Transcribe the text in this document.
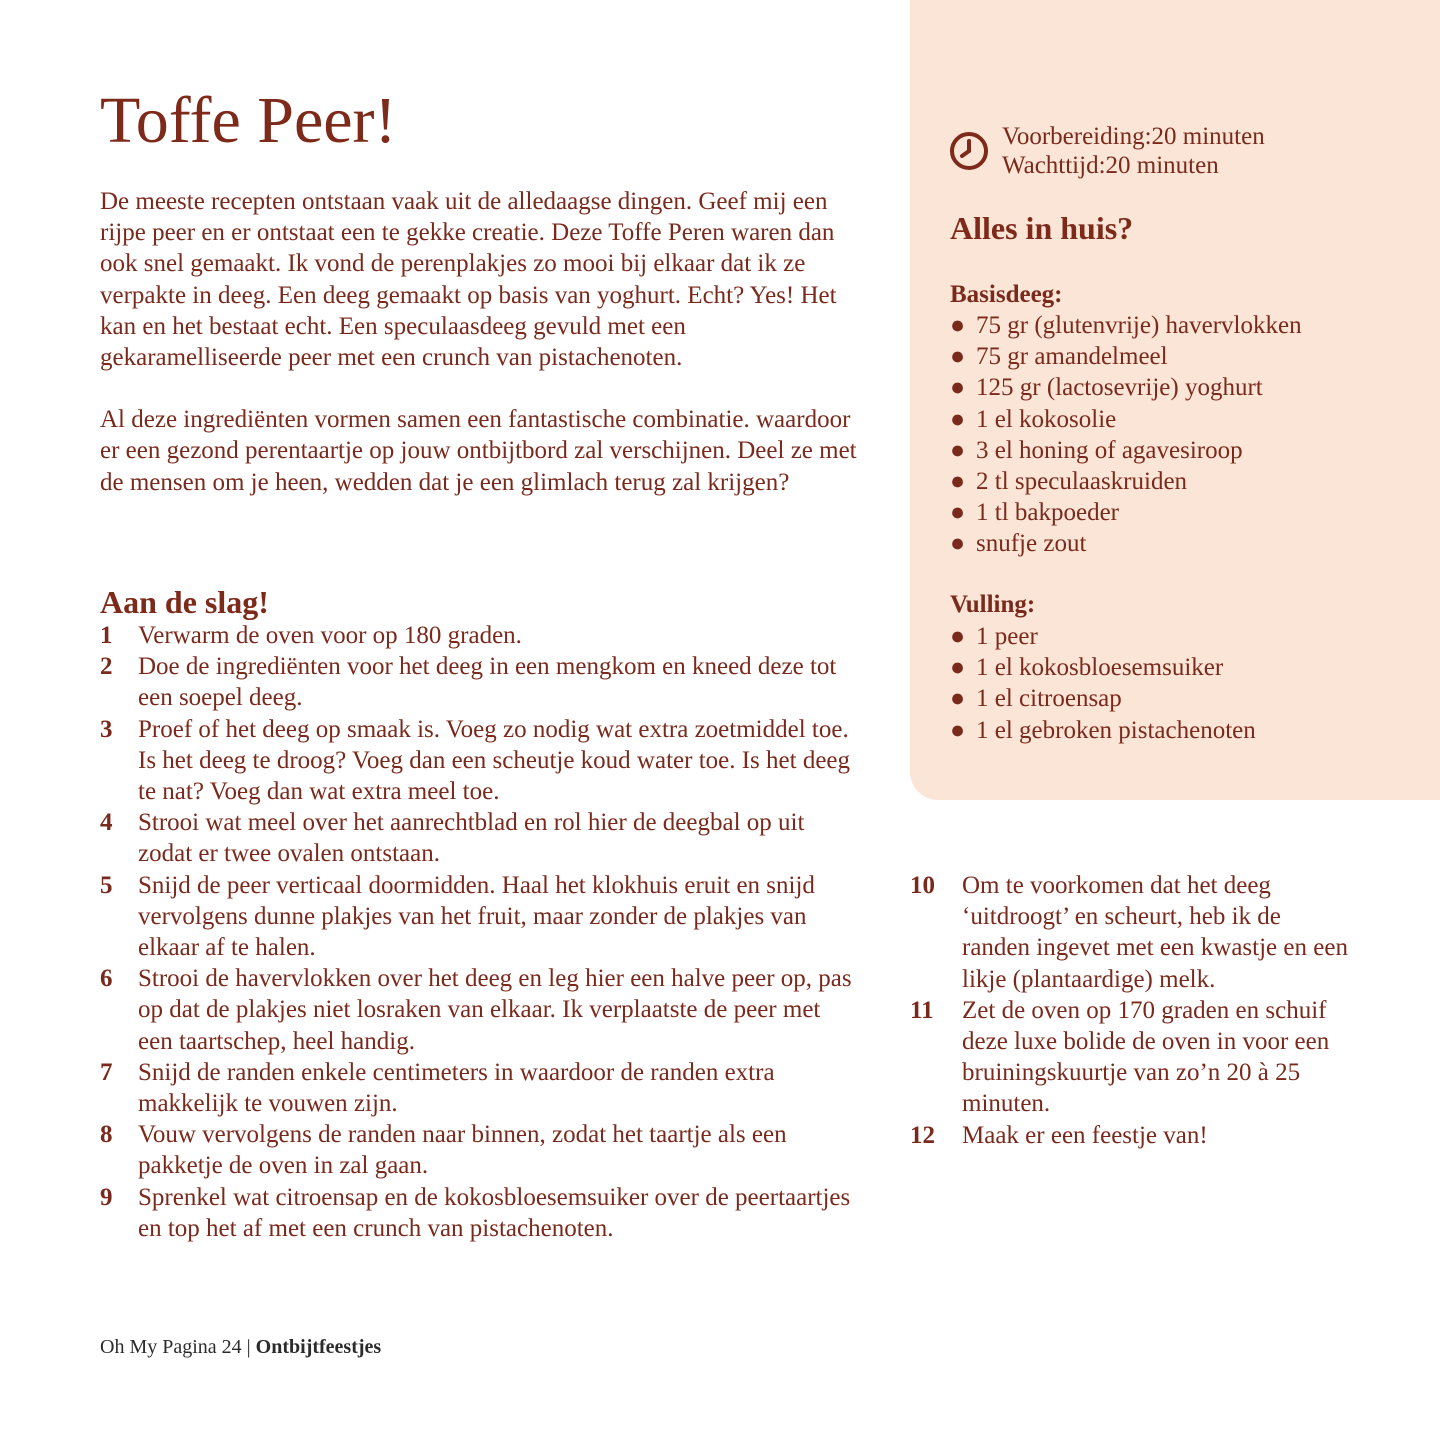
Toffe Peer!

De meeste recepten ontstaan vaak uit de alledaagse dingen. Geef mij een rijpe peer en er ontstaat een te gekke creatie. Deze Toffe Peren waren dan ook snel gemaakt. Ik vond de perenplakjes zo mooi bij elkaar dat ik ze verpakte in deeg. Een deeg gemaakt op basis van yoghurt. Echt? Yes! Het kan en het bestaat echt. Een speculaasdeeg gevuld met een gekaramelliseerde peer met een crunch van pistachenoten.

Al deze ingrediënten vormen samen een fantastische combinatie. waardoor er een gezond perentaartje op jouw ontbijtbord zal verschijnen. Deel ze met de mensen om je heen, wedden dat je een glimlach terug zal krijgen?

Aan de slag!
1	Verwarm de oven voor op 180 graden.
2	Doe de ingrediënten voor het deeg in een mengkom en kneed deze tot een soepel deeg.
3	Proef of het deeg op smaak is. Voeg zo nodig wat extra zoetmiddel toe. Is het deeg te droog? Voeg dan een scheutje koud water toe. Is het deeg te nat? Voeg dan wat extra meel toe.
4	Strooi wat meel over het aanrechtblad en rol hier de deegbal op uit zodat er twee ovalen ontstaan.
5	Snijd de peer verticaal doormidden. Haal het klokhuis eruit en snijd vervolgens dunne plakjes van het fruit, maar zonder de plakjes van elkaar af te halen.
6	Strooi de havervlokken over het deeg en leg hier een halve peer op, pas op dat de plakjes niet losraken van elkaar. Ik verplaatste de peer met een taartschep, heel handig.
7	Snijd de randen enkele centimeters in waardoor de randen extra makkelijk te vouwen zijn.
8	Vouw vervolgens de randen naar binnen, zodat het taartje als een pakketje de oven in zal gaan.
9	Sprenkel wat citroensap en de kokosbloesemsuiker over de peertaartjes en top het af met een crunch van pistachenoten.
10	Om te voorkomen dat het deeg ‘uitdroogt’ en scheurt, heb ik de randen ingevet met een kwastje en een likje (plantaardige) melk.
11	Zet de oven op 170 graden en schuif deze luxe bolide de oven in voor een bruiningskuurtje van zo’n 20 à 25 minuten.
12	Maak er een feestje van!
Voorbereiding:20 minuten
Wachttijd:20 minuten
Alles in huis?
Basisdeeg:
● 75 gr (glutenvrije) havervlokken
● 75 gr amandelmeel
● 125 gr (lactosevrije) yoghurt
● 1 el kokosolie
● 3 el honing of agavesiroop
● 2 tl speculaaskruiden
● 1 tl bakpoeder
● snufje zout
Vulling:
● 1 peer
● 1 el kokosbloesemsuiker
● 1 el citroensap
● 1 el gebroken pistachenoten
Oh My Pagina 24 | Ontbijtfeestjes
